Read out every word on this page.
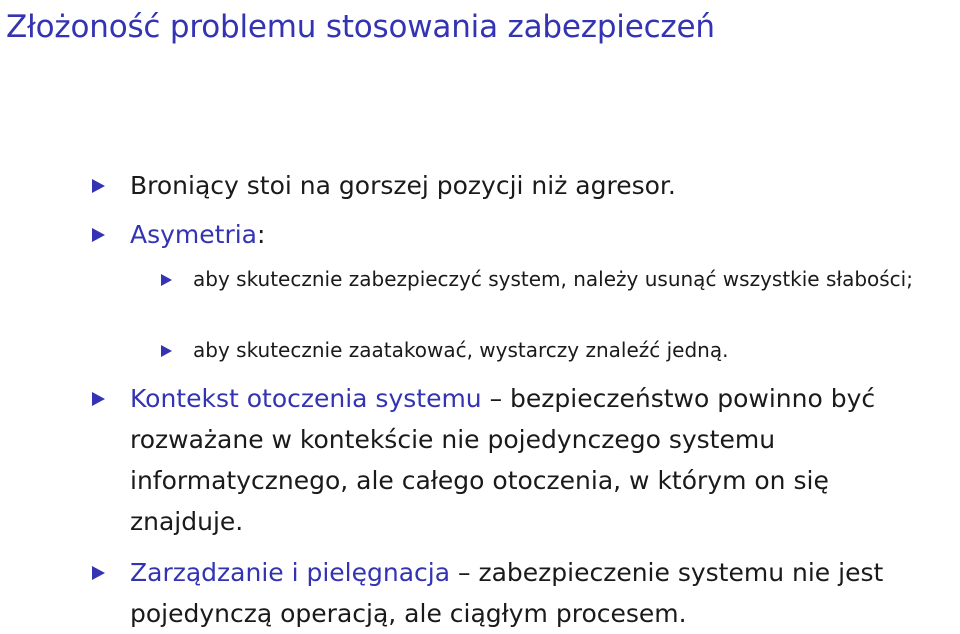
Złożoność problemu stosowania zabezpieczeń
Broniący stoi na gorszej pozycji niż agresor.
Asymetria:
aby skutecznie zabezpieczyć system, należy usunąć wszystkie słabości;
aby skutecznie zaatakować, wystarczy znaleźć jedną.
Kontekst otoczenia systemu – bezpieczeństwo powinno być rozważane w kontekście nie pojedynczego systemu informatycznego, ale całego otoczenia, w którym on się znajduje.
Zarządzanie i pielęgnacja – zabezpieczenie systemu nie jest pojedynczą operacją, ale ciągłym procesem.
